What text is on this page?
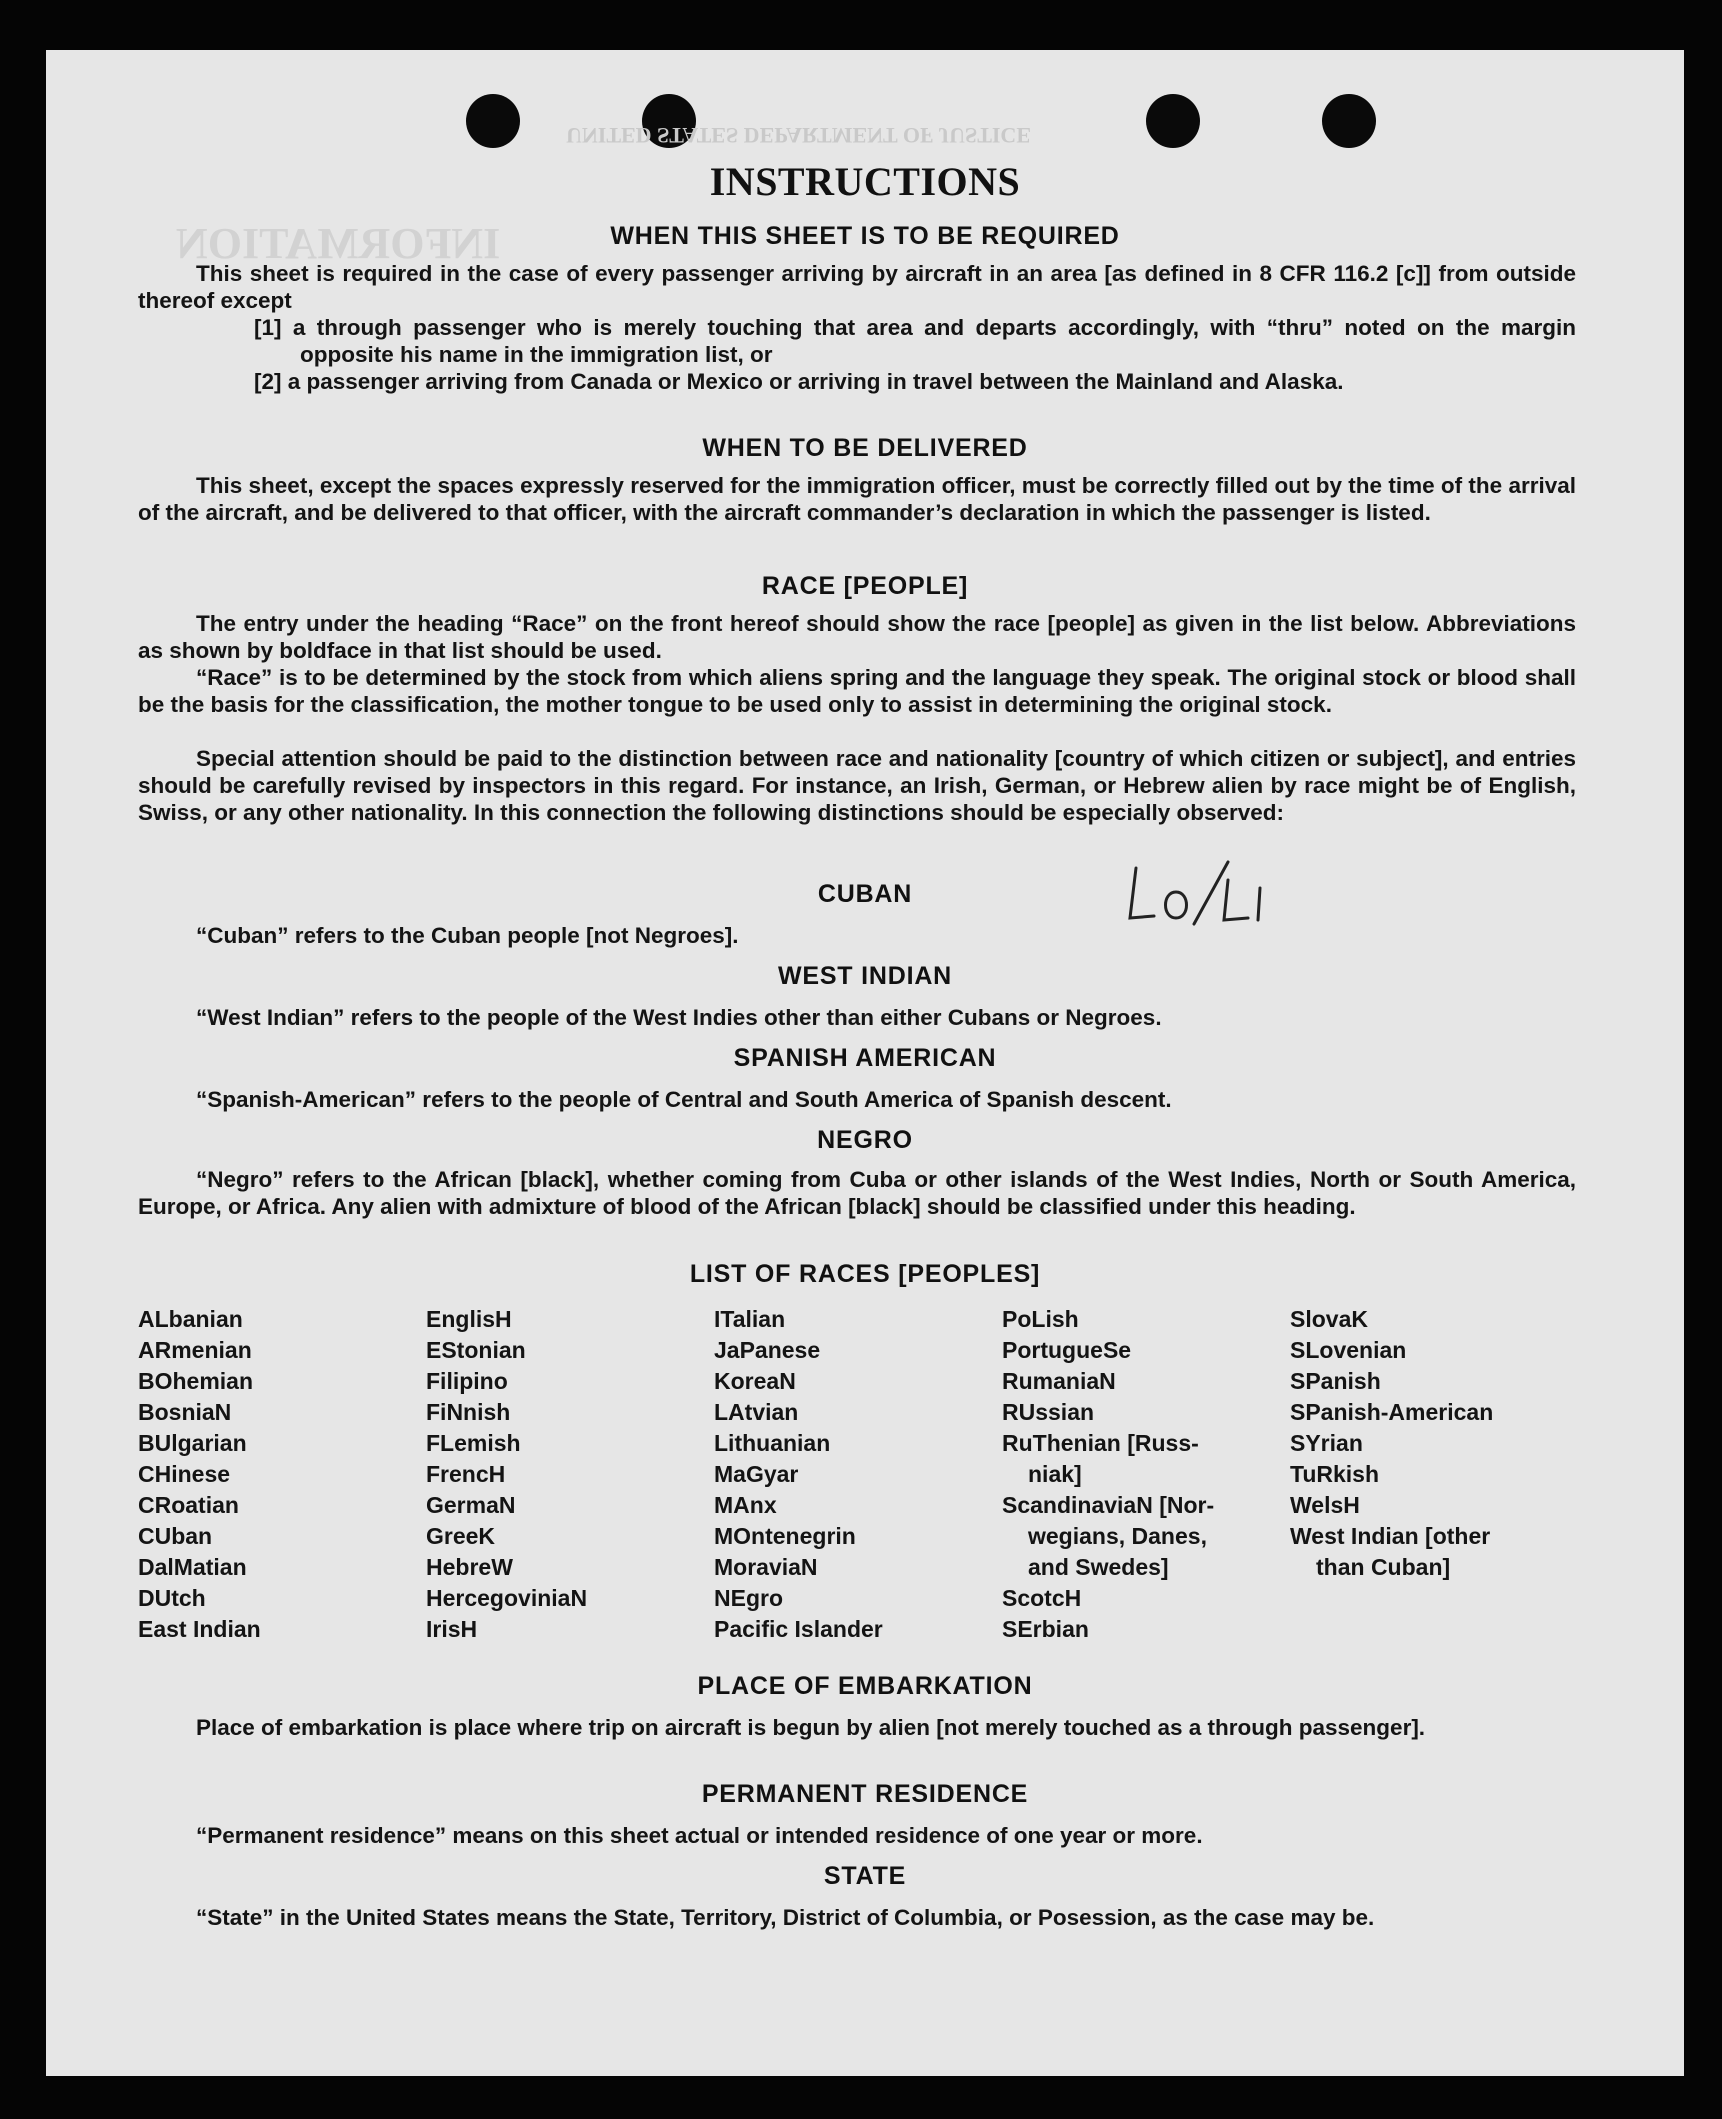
UNITED STATES DEPARTMENT OF JUSTICE
INFORMATION
INSTRUCTIONS
WHEN THIS SHEET IS TO BE REQUIRED

This sheet is required in the case of every passenger arriving by aircraft in an area [as defined in 8 CFR 116.2 [c]] from outside thereof except

[1] a through passenger who is merely touching that area and departs accordingly, with “thru” noted on the margin opposite his name in the immigration list, or
[2] a passenger arriving from Canada or Mexico or arriving in travel between the Mainland and Alaska.
WHEN TO BE DELIVERED

This sheet, except the spaces expressly reserved for the immigration officer, must be correctly filled out by the time of the arrival of the aircraft, and be delivered to that officer, with the aircraft commander’s declaration in which the passenger is listed.

RACE [PEOPLE]

The entry under the heading “Race” on the front hereof should show the race [people] as given in the list below. Abbreviations as shown by boldface in that list should be used.

“Race” is to be determined by the stock from which aliens spring and the language they speak. The original stock or blood shall be the basis for the classification, the mother tongue to be used only to assist in determining the original stock.

Special attention should be paid to the distinction between race and nationality [country of which citizen or subject], and entries should be carefully revised by inspectors in this regard. For instance, an Irish, German, or Hebrew alien by race might be of English, Swiss, or any other nationality. In this connection the following distinctions should be especially observed:

CUBAN

“Cuban” refers to the Cuban people [not Negroes].

WEST INDIAN

“West Indian” refers to the people of the West Indies other than either Cubans or Negroes.

SPANISH AMERICAN

“Spanish-American” refers to the people of Central and South America of Spanish descent.

NEGRO

“Negro” refers to the African [black], whether coming from Cuba or other islands of the West Indies, North or South America, Europe, or Africa. Any alien with admixture of blood of the African [black] should be classified under this heading.

LIST OF RACES [PEOPLES]
ALbanian
ARmenian
BOhemian
BosniaN
BUlgarian
CHinese
CRoatian
CUban
DalMatian
DUtch
East Indian
EnglisH
EStonian
Filipino
FiNnish
FLemish
FrencH
GermaN
GreeK
HebreW
HercegoviniaN
IrisH
ITalian
JaPanese
KoreaN
LAtvian
Lithuanian
MaGyar
MAnx
MOntenegrin
MoraviaN
NEgro
Pacific Islander
PoLish
PortugueSe
RumaniaN
RUssian
RuThenian [Russ-
niak]
ScandinaviaN [Nor-
wegians, Danes,
and Swedes]
ScotcH
SErbian
SlovaK
SLovenian
SPanish
SPanish-American
SYrian
TuRkish
WelsH
West Indian [other
than Cuban]
PLACE OF EMBARKATION

Place of embarkation is place where trip on aircraft is begun by alien [not merely touched as a through passenger].

PERMANENT RESIDENCE

“Permanent residence” means on this sheet actual or intended residence of one year or more.

STATE

“State” in the United States means the State, Territory, District of Columbia, or Posession, as the case may be.
